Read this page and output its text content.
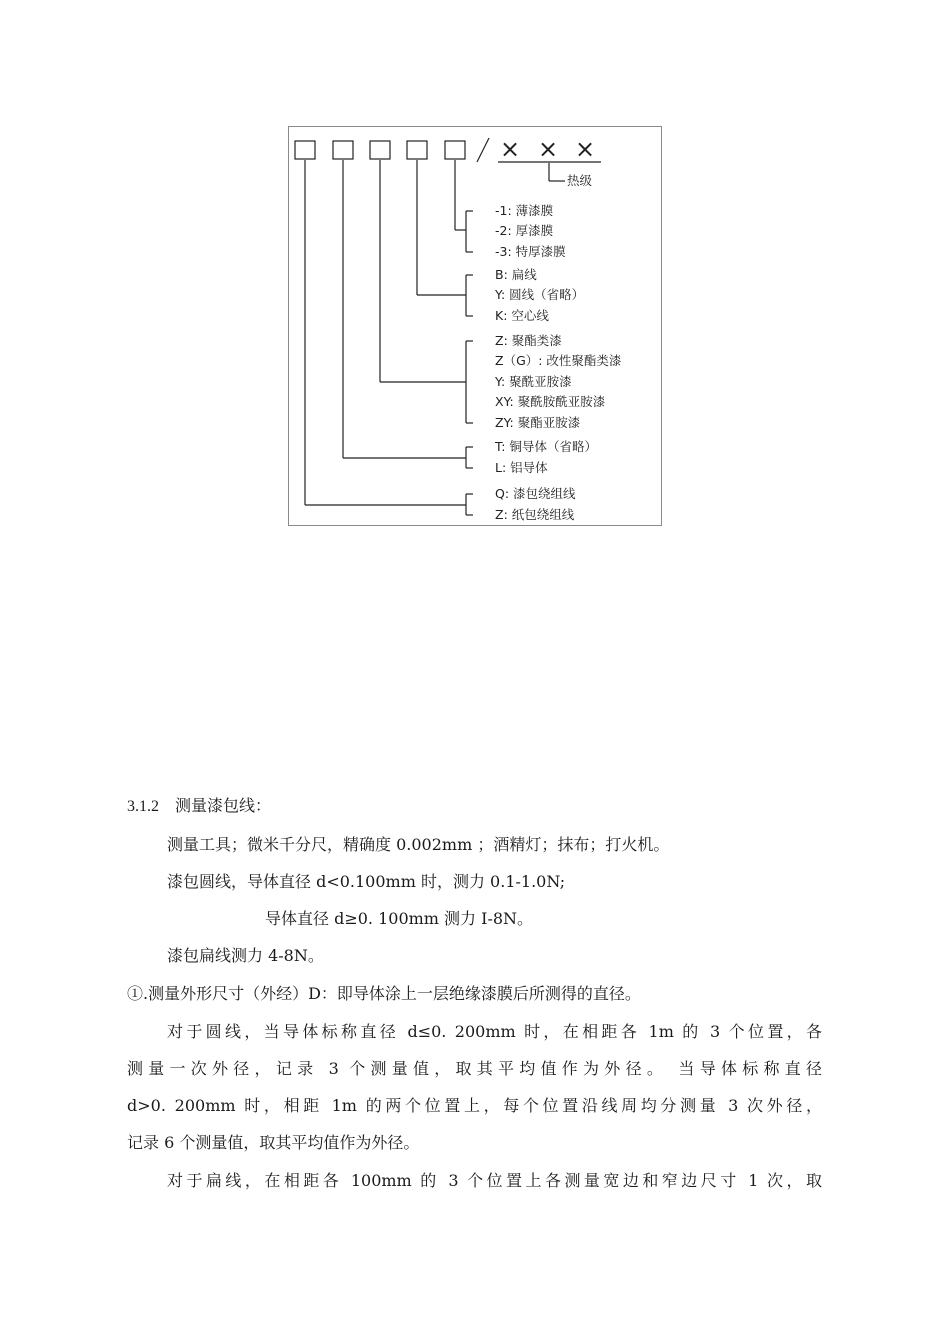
× × ×
热级
-1: 薄漆膜
-2: 厚漆膜
-3: 特厚漆膜
B: 扁线
Y: 圆线（省略）
K: 空心线
Z: 聚酯类漆
Z（G）: 改性聚酯类漆
Y: 聚酰亚胺漆
XY: 聚酰胺酰亚胺漆
ZY: 聚酯亚胺漆
T: 铜导体（省略）
L: 铝导体
Q: 漆包绕组线
Z: 纸包绕组线
3.1.2 测量漆包线：
测量工具；微米千分尺，精确度 0.002mm ；酒精灯；抹布；打火机。
漆包圆线，导体直径 d<0.100mm 时，测力 0.1-1.0N;
导体直径 d≥0. 100mm 测力 I-8N。
漆包扁线测力 4-8N。
①.测量外形尺寸（外经）D：即导体涂上一层绝缘漆膜后所测得的直径。
对于圆线，当导体标称直径 d≤0. 200mm 时，在相距各 1m 的 3 个位置，各
测量一次外径，记录 3 个测量值，取其平均值作为外径。 当导体标称直径
d>0. 200mm 时，相距 1m 的两个位置上，每个位置沿线周均分测量 3 次外径，
记录 6 个测量值，取其平均值作为外径。
对于扁线，在相距各 100mm 的 3 个位置上各测量宽边和窄边尺寸 1 次，取
